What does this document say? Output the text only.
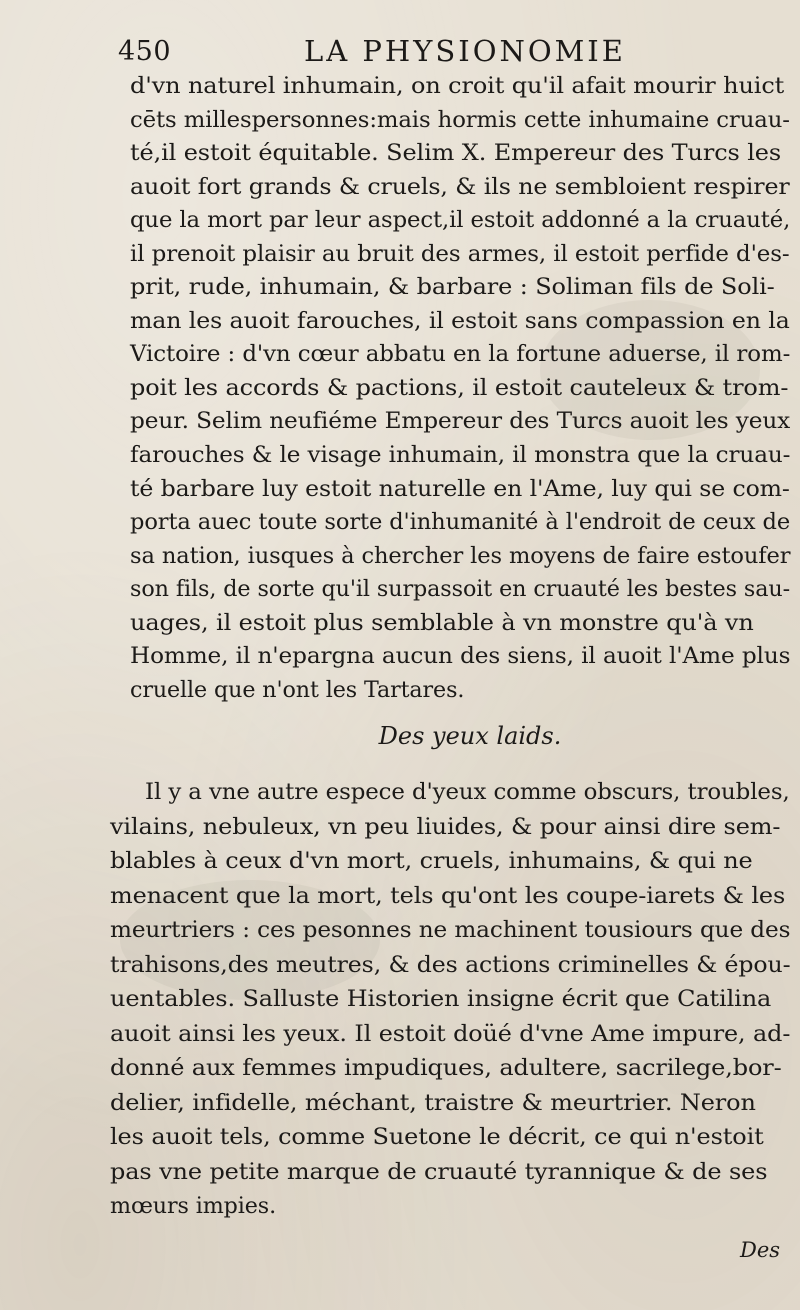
450	LA PHYSIONOMIE
d'vn naturel inhumain, on croit qu'il afait mourir huict
cēts millespersonnes:mais hormis cette inhumaine cruau-
té,il estoit équitable. Selim X. Empereur des Turcs les
auoit fort grands & cruels, & ils ne sembloient respirer
que la mort par leur aspect,il estoit addonné a la cruauté,
il prenoit plaisir au bruit des armes, il estoit perfide d'es-
prit, rude, inhumain, & barbare : Soliman fils de Soli-
man les auoit farouches, il estoit sans compassion en la
Victoire : d'vn cœur abbatu en la fortune aduerse, il rom-
poit les accords & pactions, il estoit cauteleux & trom-
peur. Selim neufiéme Empereur des Turcs auoit les yeux
farouches & le visage inhumain, il monstra que la cruau-
té barbare luy estoit naturelle en l'Ame, luy qui se com-
porta auec toute sorte d'inhumanité à l'endroit de ceux de
sa nation, iusques à chercher les moyens de faire estoufer
son fils, de sorte qu'il surpassoit en cruauté les bestes sau-
uages, il estoit plus semblable à vn monstre qu'à vn
Homme, il n'epargna aucun des siens, il auoit l'Ame plus
cruelle que n'ont les Tartares.
Des yeux laids.
Il y a vne autre espece d'yeux comme obscurs, troubles,
vilains, nebuleux, vn peu liuides, & pour ainsi dire sem-
blables à ceux d'vn mort, cruels, inhumains, & qui ne
menacent que la mort, tels qu'ont les coupe-iarets & les
meurtriers : ces pesonnes ne machinent tousiours que des
trahisons,des meutres, & des actions criminelles & épou-
uentables. Salluste Historien insigne écrit que Catilina
auoit ainsi les yeux. Il estoit doüé d'vne Ame impure, ad-
donné aux femmes impudiques, adultere, sacrilege,bor-
delier, infidelle, méchant, traistre & meurtrier. Neron
les auoit tels, comme Suetone le décrit, ce qui n'estoit
pas vne petite marque de cruauté tyrannique & de ses
mœurs impies.
Des
